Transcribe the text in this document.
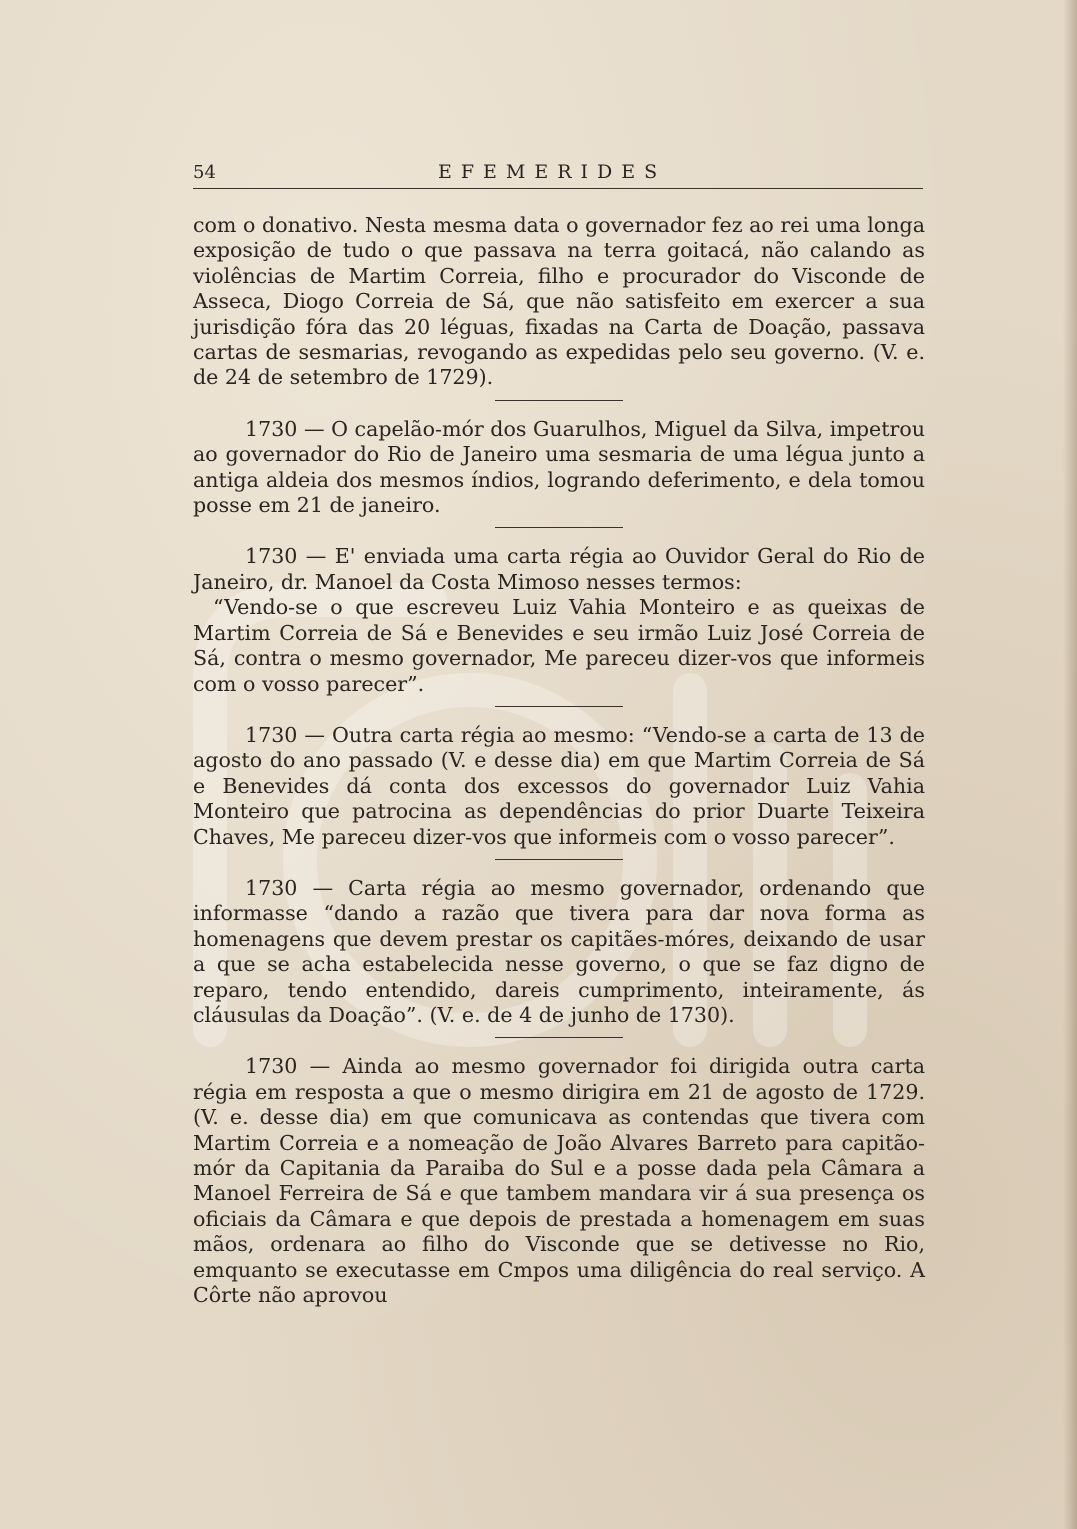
54	EFEMERIDES

com o donativo. Nesta mesma data o governador fez ao rei uma longa exposição de tudo o que passava na terra goitacá, não calando as violências de Martim Correia, filho e procurador do Visconde de Asseca, Diogo Correia de Sá, que não satisfeito em exercer a sua jurisdição fóra das 20 léguas, fixadas na Carta de Doação, passava cartas de sesmarias, revogando as expedidas pelo seu governo. (V. e. de 24 de setembro de 1729).

1730 — O capelão-mór dos Guarulhos, Miguel da Silva, impetrou ao governador do Rio de Janeiro uma sesmaria de uma légua junto a antiga aldeia dos mesmos índios, logrando deferimento, e dela tomou posse em 21 de janeiro.

1730 — E' enviada uma carta régia ao Ouvidor Geral do Rio de Janeiro, dr. Manoel da Costa Mimoso nesses termos:

“Vendo-se o que escreveu Luiz Vahia Monteiro e as queixas de Martim Correia de Sá e Benevides e seu irmão Luiz José Correia de Sá, contra o mesmo governador, Me pareceu dizer-vos que informeis com o vosso parecer”.

1730 — Outra carta régia ao mesmo: “Vendo-se a carta de 13 de agosto do ano passado (V. e desse dia) em que Martim Correia de Sá e Benevides dá conta dos excessos do governador Luiz Vahia Monteiro que patrocina as dependências do prior Duarte Teixeira Chaves, Me pareceu dizer-vos que informeis com o vosso parecer”.

1730 — Carta régia ao mesmo governador, ordenando que informasse “dando a razão que tivera para dar nova forma as homenagens que devem prestar os capitães-móres, deixando de usar a que se acha estabelecida nesse governo, o que se faz digno de reparo, tendo entendido, dareis cumprimento, inteiramente, ás cláusulas da Doação”. (V. e. de 4 de junho de 1730).

1730 — Ainda ao mesmo governador foi dirigida outra carta régia em resposta a que o mesmo dirigira em 21 de agosto de 1729. (V. e. desse dia) em que comunicava as contendas que tivera com Martim Correia e a nomeação de João Alvares Barreto para capitão-mór da Capitania da Paraiba do Sul e a posse dada pela Câmara a Manoel Ferreira de Sá e que tambem mandara vir á sua presença os oficiais da Câmara e que depois de prestada a homenagem em suas mãos, ordenara ao filho do Visconde que se detivesse no Rio, emquanto se executasse em Cmpos uma diligência do real serviço. A Côrte não aprovou
